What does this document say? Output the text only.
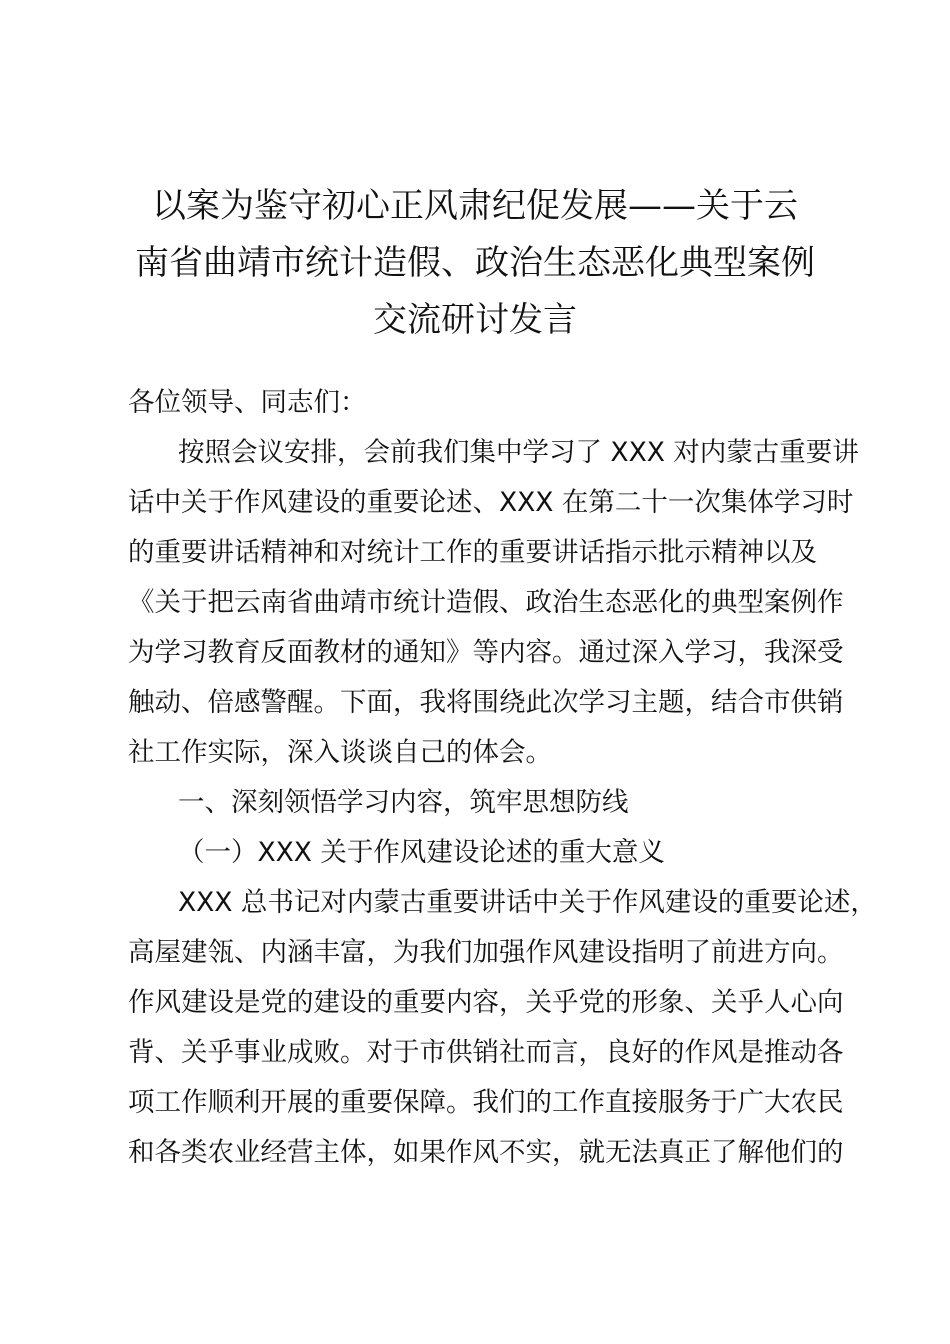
以案为鉴守初心正风肃纪促发展——关于云
南省曲靖市统计造假、政治生态恶化典型案例
交流研讨发言
各位领导、同志们：
按照会议安排，会前我们集中学习了 XXX 对内蒙古重要讲
话中关于作风建设的重要论述、XXX 在第二十一次集体学习时
的重要讲话精神和对统计工作的重要讲话指示批示精神以及
《关于把云南省曲靖市统计造假、政治生态恶化的典型案例作
为学习教育反面教材的通知》等内容。通过深入学习，我深受
触动、倍感警醒。下面，我将围绕此次学习主题，结合市供销
社工作实际，深入谈谈自己的体会。
一、深刻领悟学习内容，筑牢思想防线
（一）XXX 关于作风建设论述的重大意义
XXX 总书记对内蒙古重要讲话中关于作风建设的重要论述，
高屋建瓴、内涵丰富，为我们加强作风建设指明了前进方向。
作风建设是党的建设的重要内容，关乎党的形象、关乎人心向
背、关乎事业成败。对于市供销社而言，良好的作风是推动各
项工作顺利开展的重要保障。我们的工作直接服务于广大农民
和各类农业经营主体，如果作风不实，就无法真正了解他们的
